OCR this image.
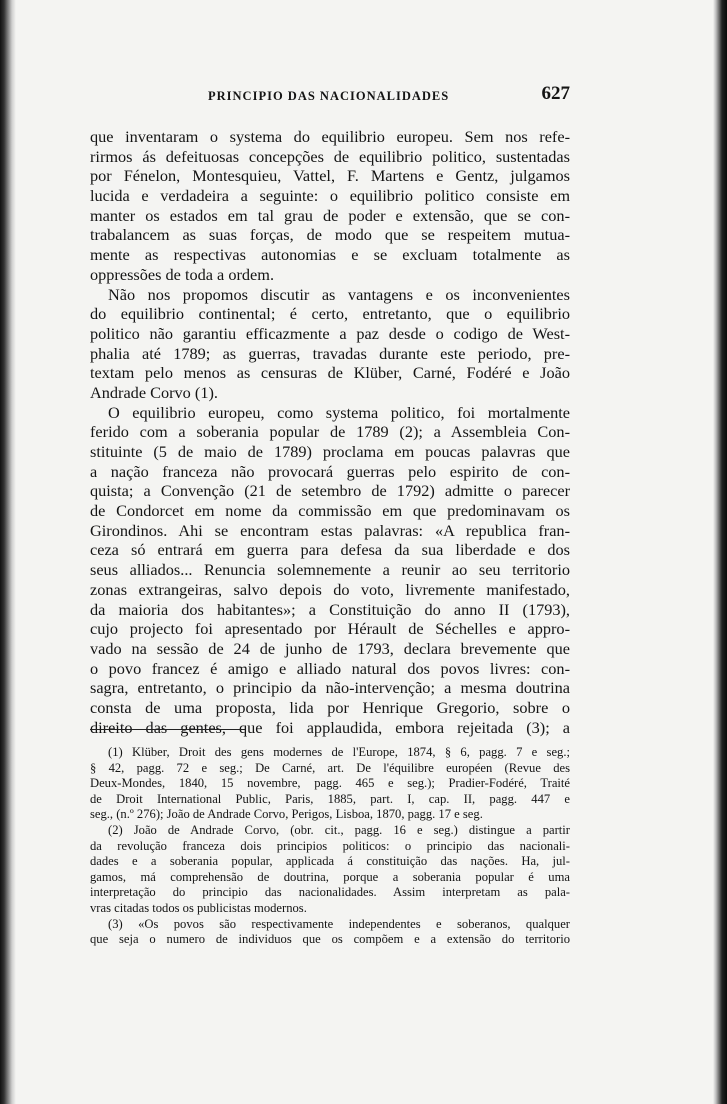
PRINCIPIO DAS NACIONALIDADES	627
que inventaram o systema do equilibrio europeu. Sem nos refe-
rirmos ás defeituosas concepções de equilibrio politico, sustentadas
por Fénelon, Montesquieu, Vattel, F. Martens e Gentz, julgamos
lucida e verdadeira a seguinte: o equilibrio politico consiste em
manter os estados em tal grau de poder e extensão, que se con-
trabalancem as suas forças, de modo que se respeitem mutua-
mente as respectivas autonomias e se excluam totalmente as
oppressões de toda a ordem.
Não nos propomos discutir as vantagens e os inconvenientes
do equilibrio continental; é certo, entretanto, que o equilibrio
politico não garantiu efficazmente a paz desde o codigo de West-
phalia até 1789; as guerras, travadas durante este periodo, pre-
textam pelo menos as censuras de Klüber, Carné, Fodéré e João
Andrade Corvo (1).
O equilibrio europeu, como systema politico, foi mortalmente
ferido com a soberania popular de 1789 (2); a Assembleia Con-
stituinte (5 de maio de 1789) proclama em poucas palavras que
a nação franceza não provocará guerras pelo espirito de con-
quista; a Convenção (21 de setembro de 1792) admitte o parecer
de Condorcet em nome da commissão em que predominavam os
Girondinos. Ahi se encontram estas palavras: «A republica fran-
ceza só entrará em guerra para defesa da sua liberdade e dos
seus alliados... Renuncia solemnemente a reunir ao seu territorio
zonas extrangeiras, salvo depois do voto, livremente manifestado,
da maioria dos habitantes»; a Constituição do anno II (1793),
cujo projecto foi apresentado por Hérault de Séchelles e appro-
vado na sessão de 24 de junho de 1793, declara brevemente que
o povo francez é amigo e alliado natural dos povos livres: con-
sagra, entretanto, o principio da não-intervenção; a mesma doutrina
consta de uma proposta, lida por Henrique Gregorio, sobre o
direito das gentes, que foi applaudida, embora rejeitada (3); a
(1) Klüber, Droit des gens modernes de l'Europe, 1874, § 6, pagg. 7 e seg.;
§ 42, pagg. 72 e seg.; De Carné, art. De l'équilibre européen (Revue des
Deux-Mondes, 1840, 15 novembre, pagg. 465 e seg.); Pradier-Fodéré, Traité
de Droit International Public, Paris, 1885, part. I, cap. II, pagg. 447 e
seg., (n.º 276); João de Andrade Corvo, Perigos, Lisboa, 1870, pagg. 17 e seg.
(2) João de Andrade Corvo, (obr. cit., pagg. 16 e seg.) distingue a partir
da revolução franceza dois principios politicos: o principio das nacionali-
dades e a soberania popular, applicada á constituição das nações. Ha, jul-
gamos, má comprehensão de doutrina, porque a soberania popular é uma
interpretação do principio das nacionalidades. Assim interpretam as pala-
vras citadas todos os publicistas modernos.
(3) «Os povos são respectivamente independentes e soberanos, qualquer
que seja o numero de individuos que os compõem e a extensão do territorio
